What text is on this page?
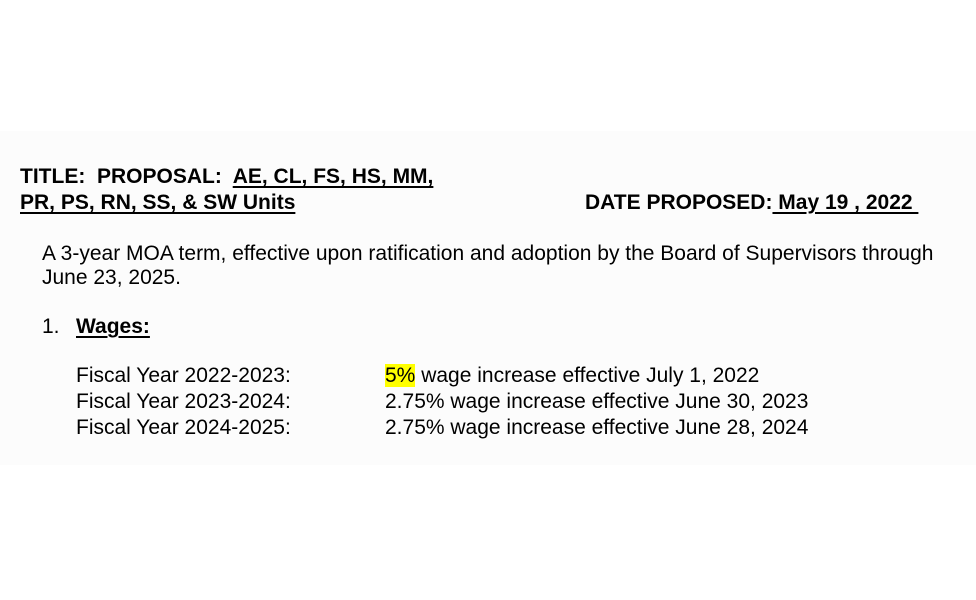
TITLE:  PROPOSAL:  AE, CL, FS, HS, MM,
PR, PS, RN, SS, & SW Units	DATE PROPOSED: May 19 , 2022
A 3-year MOA term, effective upon ratification and adoption by the Board of Supervisors through June 23, 2025.
1. Wages:
Fiscal Year 2022-2023:	5% wage increase effective July 1, 2022
Fiscal Year 2023-2024:	2.75% wage increase effective June 30, 2023
Fiscal Year 2024-2025:	2.75% wage increase effective June 28, 2024
